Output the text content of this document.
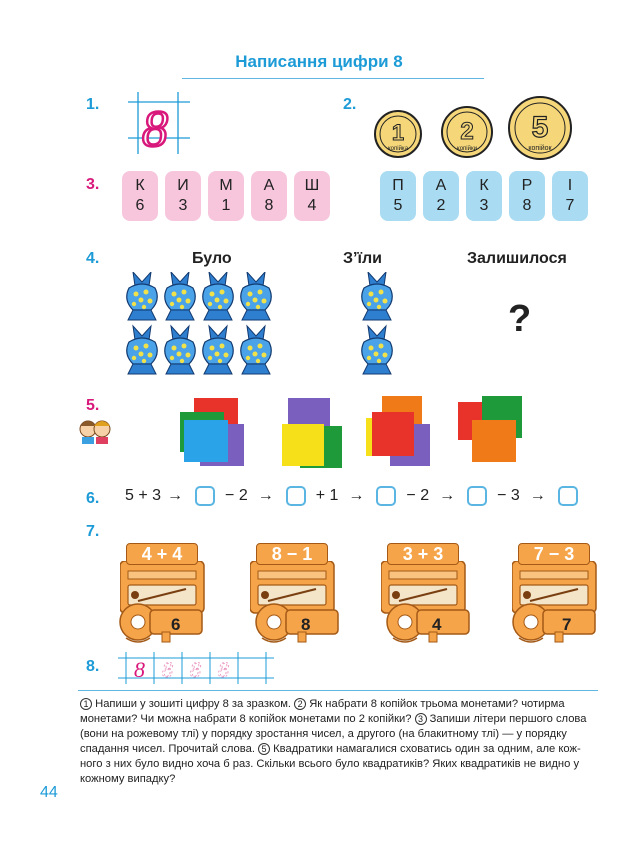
Написання цифри 8
1.	2.
3.
4.
5.
6.
7.
8.
8	1
копійка
2
копійки
5
копійок
К
6
И
3
М
1
А
8
Ш
4
П
5
А
2
К
3
Р
8
І
7
Було	З’їли	Залишилося
?
5 + 3 →	− 2 →	+ 1 →	− 2 →	− 3 →
4 + 4	8 − 1	3 + 3	7 − 3
6	8	4	7
8 8 8 8
1 Напиши у зошиті цифру 8 за зразком. 2 Як набрати 8 копійок трьома монетами? чотирма монетами? Чи можна набрати 8 копійок монетами по 2 копійки? 3 Запиши літери першого слова (вони на рожевому тлі) у порядку зростання чисел, а другого (на блакитному тлі) — у порядку спадання чисел. Прочитай слова. 5 Квадратики намагалися сховатись один за одним, але кож- ного з них було видно хоча б раз. Скільки всього було квадратиків? Яких квадратиків не видно у кожному випадку?
44
